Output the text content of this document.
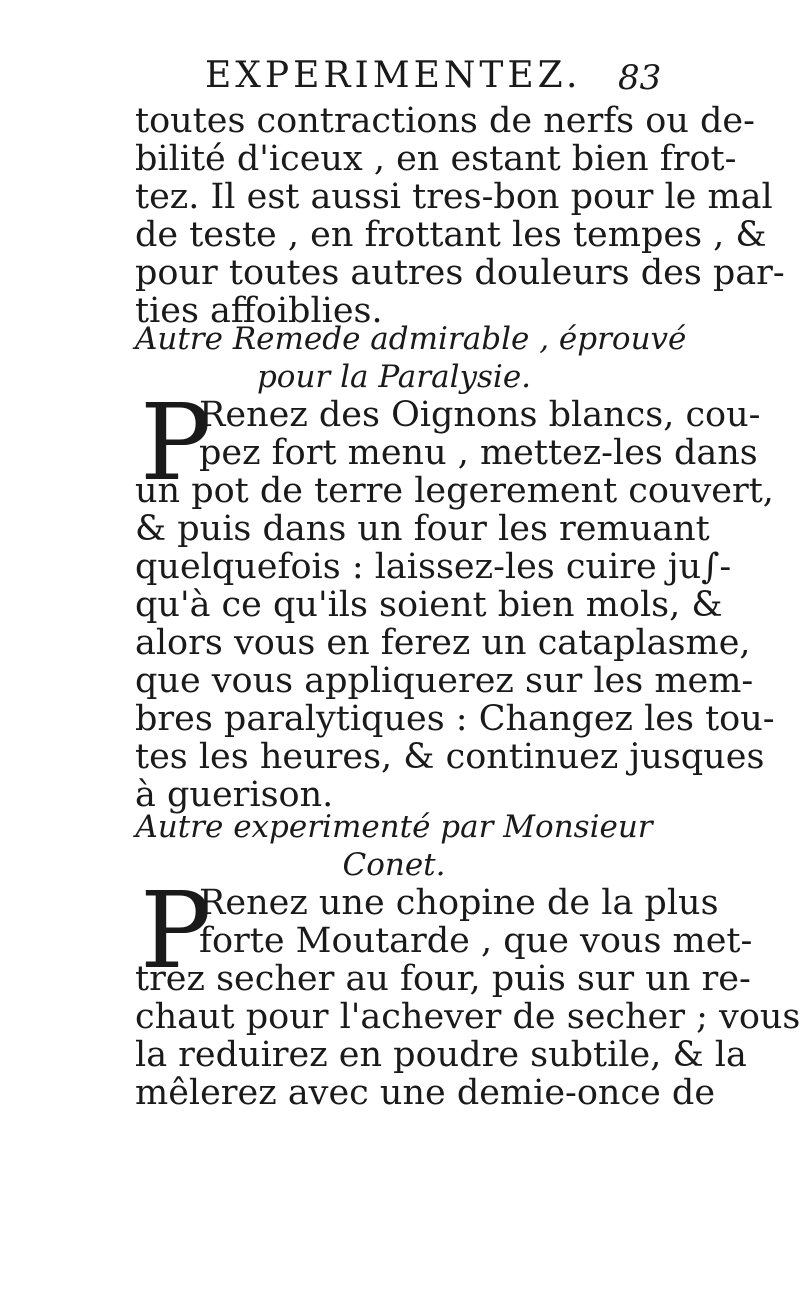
EXPERIMENTEZ. 83
toutes contractions de nerfs ou de-
bilité d'iceux , en estant bien frot-
tez. Il est aussi tres-bon pour le mal
de teste , en frottant les tempes , &
pour toutes autres douleurs des par-
ties affoiblies.
Autre Remede admirable , éprouvé
pour la Paralysie.
P
Renez des Oignons blancs, cou-
pez fort menu , mettez-les dans
un pot de terre legerement couvert,
& puis dans un four les remuant
quelquefois : laissez-les cuire ju∫-
qu'à ce qu'ils soient bien mols, &
alors vous en ferez un cataplasme,
que vous appliquerez sur les mem-
bres paralytiques : Changez les tou-
tes les heures, & continuez jusques
à guerison.
Autre experimenté par Monsieur
Conet.
P
Renez une chopine de la plus
forte Moutarde , que vous met-
trez secher au four, puis sur un re-
chaut pour l'achever de secher ; vous
la reduirez en poudre subtile, & la
mêlerez avec une demie-once de
